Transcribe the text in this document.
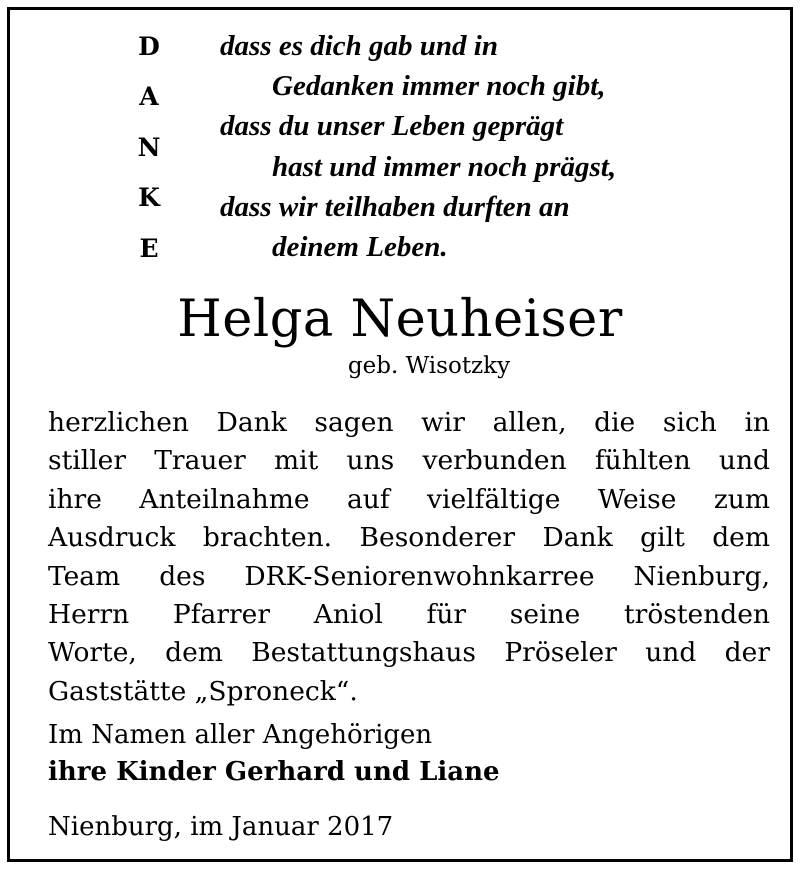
D
A
N
K
E
dass es dich gab und in
Gedanken immer noch gibt,
dass du unser Leben geprägt
hast und immer noch prägst,
dass wir teilhaben durften an
deinem Leben.
Helga Neuheiser
geb. Wisotzky
herzlichen Dank sagen wir allen, die sich in
stiller Trauer mit uns verbunden fühlten und
ihre Anteilnahme auf vielfältige Weise zum
Ausdruck brachten. Besonderer Dank gilt dem
Team des DRK-Seniorenwohnkarree Nienburg,
Herrn Pfarrer Aniol für seine tröstenden
Worte, dem Bestattungshaus Pröseler und der
Gaststätte „Sproneck“.
Im Namen aller Angehörigen
ihre Kinder Gerhard und Liane
Nienburg, im Januar 2017
